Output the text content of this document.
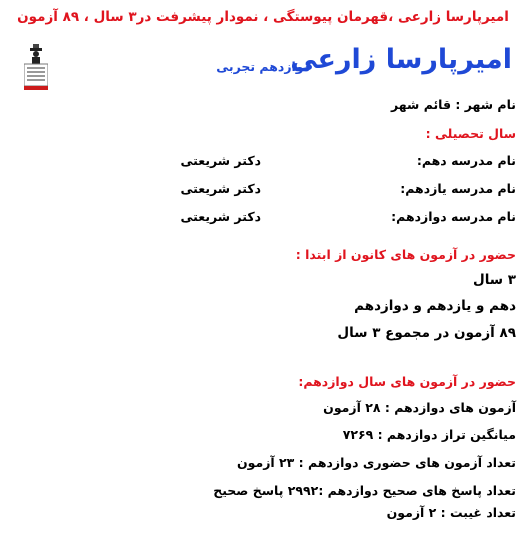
امیرپارسا زارعی ،قهرمان پیوستگی ، نمودار پیشرفت در۳ سال ، ۸۹ آزمون
امیرپارسا زارعی
دوازدهم تجربی
نام شهر : قائم شهر
سال تحصیلی :
نام مدرسه دهم:
دکتر شریعتی
نام مدرسه یازدهم:
دکتر شریعتی
نام مدرسه دوازدهم:
دکتر شریعتی
حضور در آزمون های کانون از ابتدا :
۳ سال
دهم و یازدهم و دوازدهم
۸۹ آزمون در مجموع ۳ سال
حضور در آزمون های سال دوازدهم:
آزمون های دوازدهم : ۲۸ آزمون
میانگین تراز دوازدهم : ۷۲۶۹
تعداد آزمون های حضوری دوازدهم : ۲۳ آزمون
تعداد پاسخ های صحیح دوازدهم :۲۹۹۲ پاسخ صحیح
تعداد غیبت : ۲ آزمون
